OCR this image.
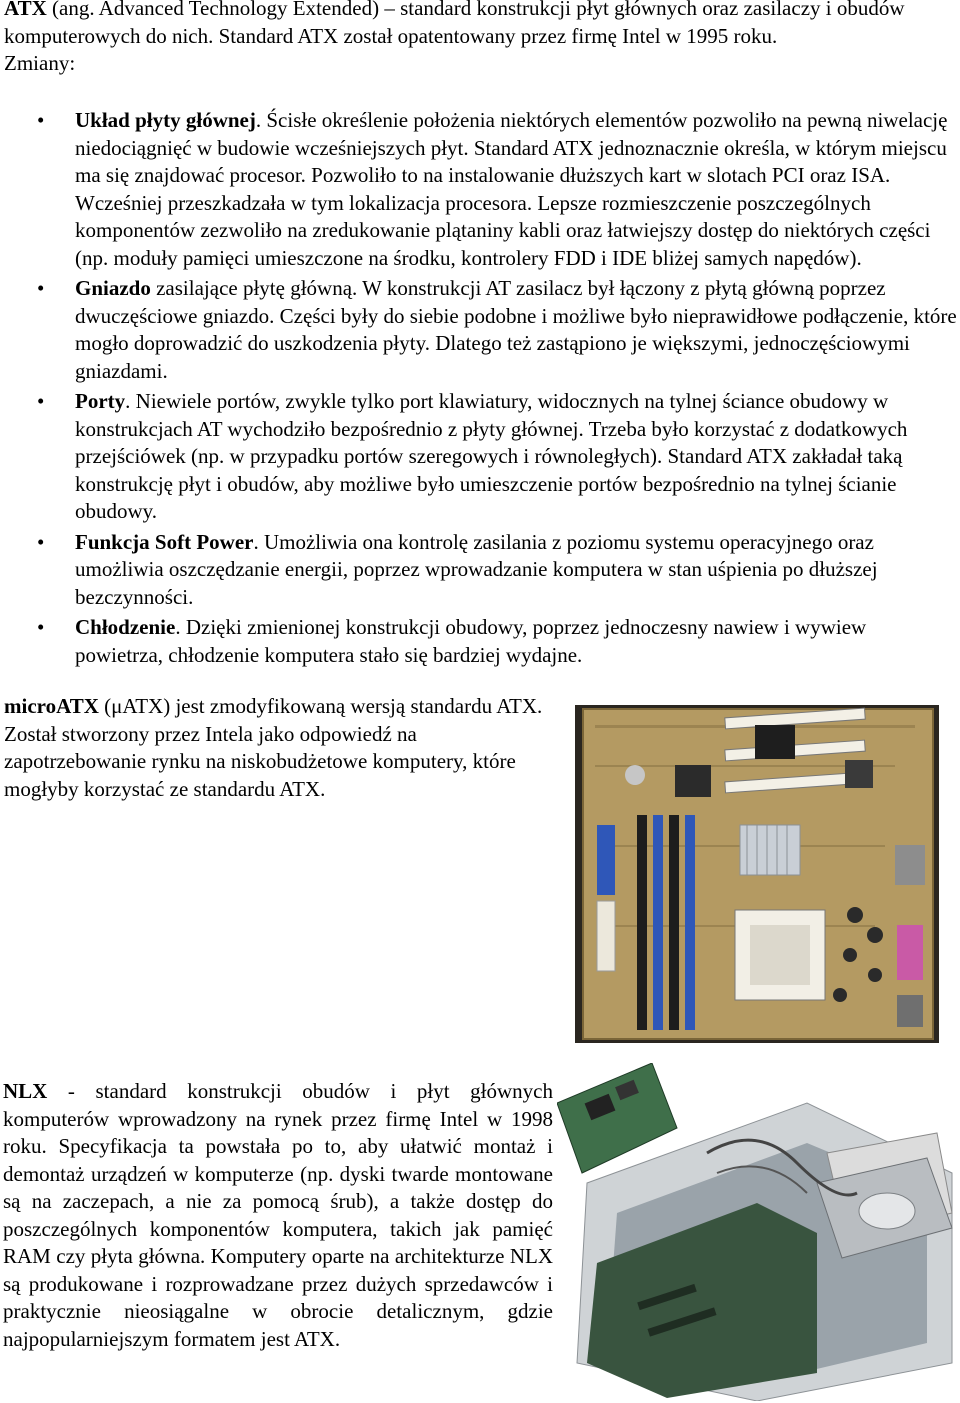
ATX (ang. Advanced Technology Extended) – standard konstrukcji płyt głównych oraz zasilaczy i obudów komputerowych do nich. Standard ATX został opatentowany przez firmę Intel w 1995 roku.
Zmiany:

• Układ płyty głównej. Ścisłe określenie położenia niektórych elementów pozwoliło na pewną niwelację niedociągnięć w budowie wcześniejszych płyt. Standard ATX jednoznacznie określa, w którym miejscu ma się znajdować procesor. Pozwoliło to na instalowanie dłuższych kart w slotach PCI oraz ISA. Wcześniej przeszkadzała w tym lokalizacja procesora. Lepsze rozmieszczenie poszczególnych komponentów zezwoliło na zredukowanie plątaniny kabli oraz łatwiejszy dostęp do niektórych części (np. moduły pamięci umieszczone na środku, kontrolery FDD i IDE bliżej samych napędów).
• Gniazdo zasilające płytę główną. W konstrukcji AT zasilacz był łączony z płytą główną poprzez dwuczęściowe gniazdo. Części były do siebie podobne i możliwe było nieprawidłowe podłączenie, które mogło doprowadzić do uszkodzenia płyty. Dlatego też zastąpiono je większymi, jednoczęściowymi gniazdami.
• Porty. Niewiele portów, zwykle tylko port klawiatury, widocznych na tylnej ściance obudowy w konstrukcjach AT wychodziło bezpośrednio z płyty głównej. Trzeba było korzystać z dodatkowych przejściówek (np. w przypadku portów szeregowych i równoległych). Standard ATX zakładał taką konstrukcję płyt i obudów, aby możliwe było umieszczenie portów bezpośrednio na tylnej ścianie obudowy.
• Funkcja Soft Power. Umożliwia ona kontrolę zasilania z poziomu systemu operacyjnego oraz umożliwia oszczędzanie energii, poprzez wprowadzanie komputera w stan uśpienia po dłuższej bezczynności.
• Chłodzenie. Dzięki zmienionej konstrukcji obudowy, poprzez jednoczesny nawiew i wywiew powietrza, chłodzenie komputera stało się bardziej wydajne.

microATX (μATX) jest zmodyfikowaną wersją standardu ATX. Został stworzony przez Intela jako odpowiedź na zapotrzebowanie rynku na niskobudżetowe komputery, które mogłyby korzystać ze standardu ATX.

NLX - standard konstrukcji obudów i płyt głównych komputerów wprowadzony na rynek przez firmę Intel w 1998 roku. Specyfikacja ta powstała po to, aby ułatwić montaż i demontaż urządzeń w komputerze (np. dyski twarde montowane są na zaczepach, a nie za pomocą śrub), a także dostęp do poszczególnych komponentów komputera, takich jak pamięć RAM czy płyta główna. Komputery oparte na architekturze NLX są produkowane i rozprowadzane przez dużych sprzedawców i praktycznie nieosiągalne w obrocie detalicznym, gdzie najpopularniejszym formatem jest ATX.
